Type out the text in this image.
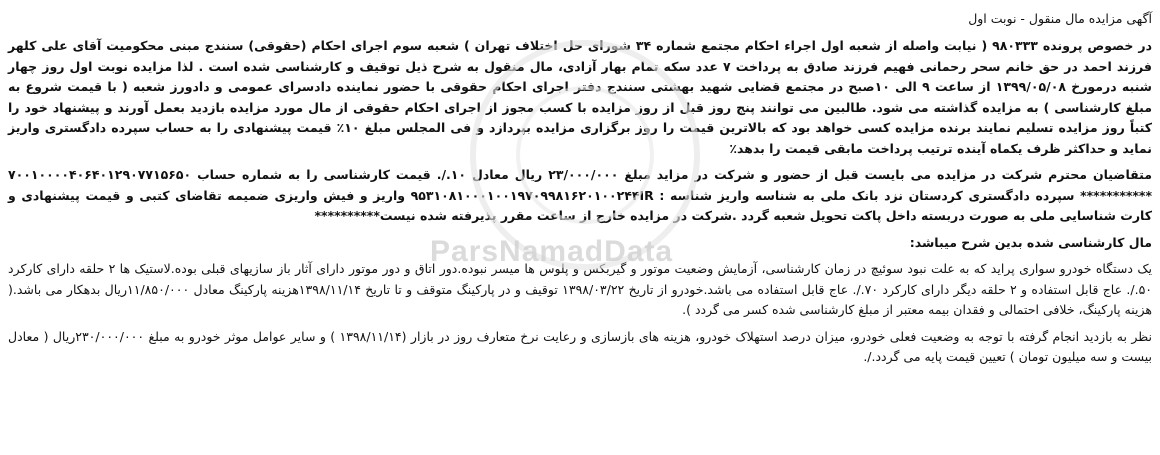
آگهی مزایده مال منقول - نوبت اول

در خصوص پرونده ۹۸۰۳۳۳ ( نیابت واصله از شعبه اول اجراء احکام مجتمع شماره ۳۴ شورای حل اختلاف تهران ) شعبه سوم اجرای احکام (حقوقی) سنندج مبنی محکومیت آقای علی کلهر فرزند احمد در حق خانم سحر رحمانی فهیم فرزند صادق به پرداخت ۷ عدد سکه تمام بهار آزادی، مال منقول به شرح ذیل توقیف و کارشناسی شده است . لذا مزایده نوبت اول روز چهار شنبه درمورخ ۱۳۹۹/۰۵/۰۸ از ساعت ۹ الی ۱۰صبح در مجتمع قضایی شهید بهشتی سنندج دفتر اجرای احکام حقوقی با حضور نماینده دادسرای عمومی و دادورز شعبه ( با قیمت شروع به مبلغ کارشناسی ) به مزایده گذاشته می شود. طالبین می توانند پنج روز قبل از روز مزایده با کسب مجوز از اجرای احکام حقوقی از مال مورد مزایده بازدید بعمل آورند و پیشنهاد خود را کتباً روز مزایده تسلیم نمایند برنده مزایده کسی خواهد بود که بالاترین قیمت را روز برگزاری مزایده بپردازد و فی المجلس مبلغ ۱۰٪ قیمت پیشنهادی را به حساب سپرده دادگستری واریز نماید و حداکثر ظرف یکماه آینده ترتیب پرداخت مابقی قیمت را بدهد٪

متقاضیان محترم شرکت در مزایده می بایست قبل از حضور و شرکت در مزاید مبلغ ۲۳/۰۰۰/۰۰۰ ریال معادل ۱۰./. قیمت کارشناسی را به شماره حساب ۷۰۰۱۰۰۰۰۴۰۶۴۰۱۲۹۰۷۷۱۵۶۵۰ *********** سپرده دادگستری کردستان نزد بانک ملی به شناسه واریز شناسه : ۹۵۳۱۰۸۱۰۰۰۱۰۰۱۹۷۰۹۹۸۱۶۲۰۱۰۰۲۴۴IR واریز و فیش واریزی ضمیمه تقاضای کتبی و قیمت پیشنهادی و کارت شناسایی ملی به صورت دربسته داخل پاکت تحویل شعبه گردد .شرکت در مزایده خارج از ساعت مقرر پذیرفته شده نیست**********

مال کارشناسی شده بدین شرح میباشد:

یک دستگاه خودرو سواری پراید که به علت نبود سوئیچ در زمان کارشناسی، آزمایش وضعیت موتور و گیربکس و پلوس ها میسر نبوده.دور اتاق و دور موتور دارای آثار باز سازیهای قبلی بوده.لاستیک ها ۲ حلقه دارای کارکرد ۵۰./. عاج قابل استفاده و ۲ حلقه دیگر دارای کارکرد ۷۰./. عاج قابل استفاده می باشد.خودرو از تاریخ ۱۳۹۸/۰۳/۲۲ توقیف و در پارکینگ متوقف و تا تاریخ ۱۳۹۸/۱۱/۱۴هزینه پارکینگ معادل ۱۱/۸۵۰/۰۰۰ریال بدهکار می باشد.( هزینه پارکینگ، خلافی احتمالی و فقدان بیمه معتبر از مبلغ کارشناسی شده کسر می گردد ).

نظر به بازدید انجام گرفته با توجه به وضعیت فعلی خودرو، میزان درصد استهلاک خودرو، هزینه های بازسازی و رعایت نرخ متعارف روز در بازار (۱۳۹۸/۱۱/۱۴ ) و سایر عوامل موثر خودرو به مبلغ ۲۳۰/۰۰۰/۰۰۰ریال ( معادل بیست و سه میلیون تومان ) تعیین قیمت پایه می گردد./.

ParsNamadData
